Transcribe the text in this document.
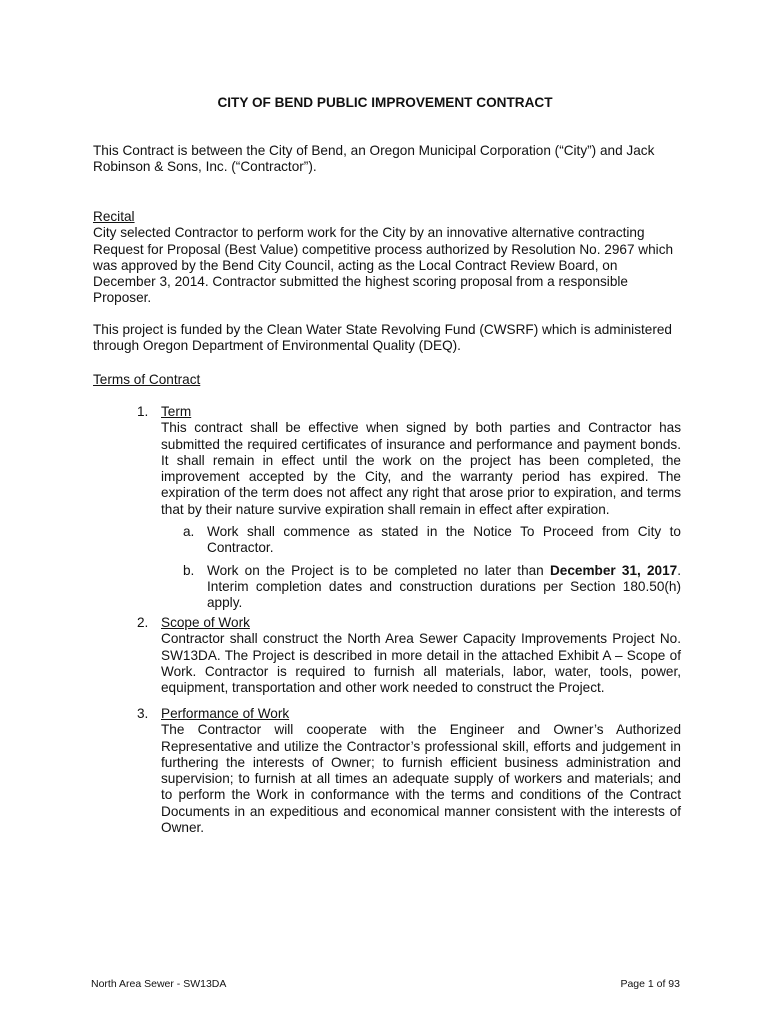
CITY OF BEND PUBLIC IMPROVEMENT CONTRACT

This Contract is between the City of Bend, an Oregon Municipal Corporation (“City”) and Jack Robinson & Sons, Inc. (“Contractor”).

Recital
City selected Contractor to perform work for the City by an innovative alternative contracting Request for Proposal (Best Value) competitive process authorized by Resolution No. 2967 which was approved by the Bend City Council, acting as the Local Contract Review Board, on December 3, 2014. Contractor submitted the highest scoring proposal from a responsible Proposer.

This project is funded by the Clean Water State Revolving Fund (CWSRF) which is administered through Oregon Department of Environmental Quality (DEQ).

Terms of Contract

1. Term

This contract shall be effective when signed by both parties and Contractor has submitted the required certificates of insurance and performance and payment bonds. It shall remain in effect until the work on the project has been completed, the improvement accepted by the City, and the warranty period has expired. The expiration of the term does not affect any right that arose prior to expiration, and terms that by their nature survive expiration shall remain in effect after expiration.

a. Work shall commence as stated in the Notice To Proceed from City to Contractor.
b. Work on the Project is to be completed no later than December 31, 2017. Interim completion dates and construction durations per Section 180.50(h) apply.
2. Scope of Work

Contractor shall construct the North Area Sewer Capacity Improvements Project No. SW13DA. The Project is described in more detail in the attached Exhibit A – Scope of Work. Contractor is required to furnish all materials, labor, water, tools, power, equipment, transportation and other work needed to construct the Project.

3. Performance of Work

The Contractor will cooperate with the Engineer and Owner’s Authorized Representative and utilize the Contractor’s professional skill, efforts and judgement in furthering the interests of Owner; to furnish efficient business administration and supervision; to furnish at all times an adequate supply of workers and materials; and to perform the Work in conformance with the terms and conditions of the Contract Documents in an expeditious and economical manner consistent with the interests of Owner.

North Area Sewer - SW13DA	Page 1 of 93
